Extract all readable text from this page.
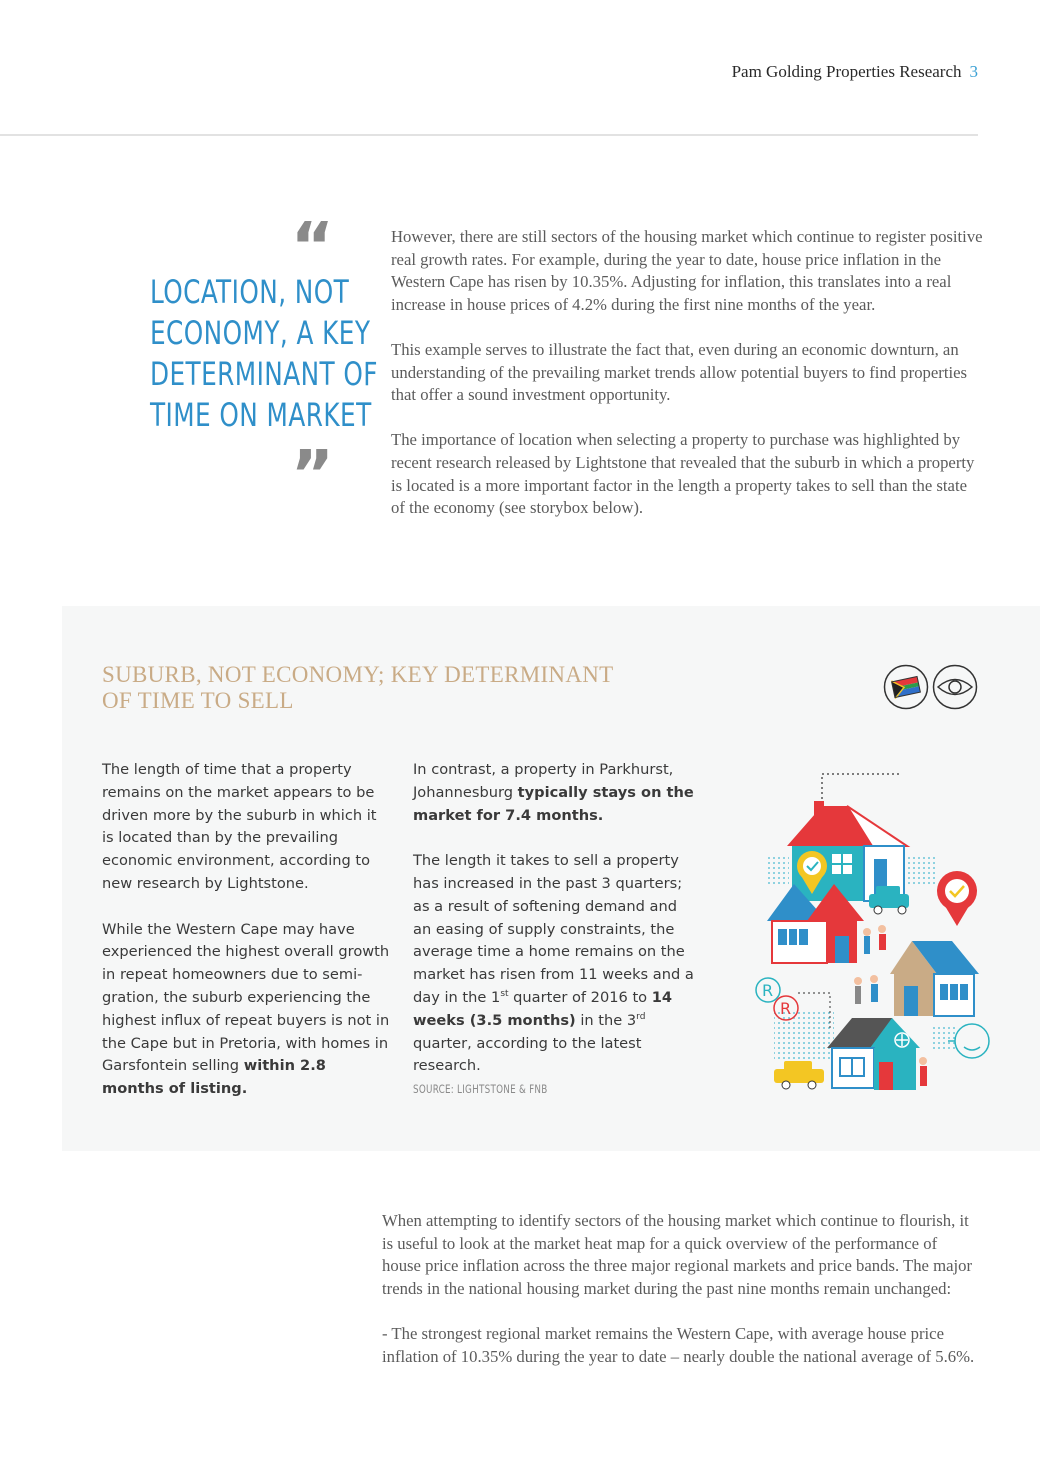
Pam Golding Properties Research 3
“
LOCATION, NOT
ECONOMY, A KEY
DETERMINANT OF
TIME ON MARKET
”

However, there are still sectors of the housing market which continue to register positive real growth rates. For example, during the year to date, house price inflation in the Western Cape has risen by 10.35%. Adjusting for inflation, this translates into a real increase in house prices of 4.2% during the first nine months of the year.

This example serves to illustrate the fact that, even during an economic downturn, an understanding of the prevailing market trends allow potential buyers to find properties that offer a sound investment opportunity.

The importance of location when selecting a property to purchase was highlighted by recent research released by Lightstone that revealed that the suburb in which a property is located is a more important factor in the length a property takes to sell than the state of the economy (see storybox below).

SUBURB, NOT ECONOMY; KEY DETERMINANT OF TIME TO SELL

The length of time that a property remains on the market appears to be driven more by the suburb in which it is located than by the prevailing economic environment, according to new research by Lightstone.

While the Western Cape may have experienced the highest overall growth in repeat homeowners due to semi-gration, the suburb experiencing the highest influx of repeat buyers is not in the Cape but in Pretoria, with homes in Garsfontein selling within 2.8 months of listing.

In contrast, a property in Parkhurst, Johannesburg typically stays on the market for 7.4 months.

The length it takes to sell a property has increased in the past 3 quarters; as a result of softening demand and an easing of supply constraints, the average time a home remains on the market has risen from 11 weeks and a day in the 1st quarter of 2016 to 14 weeks (3.5 months) in the 3rd quarter, according to the latest research.

SOURCE: LIGHTSTONE & FNB
R
R

When attempting to identify sectors of the housing market which continue to flourish, it is useful to look at the market heat map for a quick overview of the performance of house price inflation across the three major regional markets and price bands. The major trends in the national housing market during the past nine months remain unchanged:

- The strongest regional market remains the Western Cape, with average house price inflation of 10.35% during the year to date – nearly double the national average of 5.6%.
